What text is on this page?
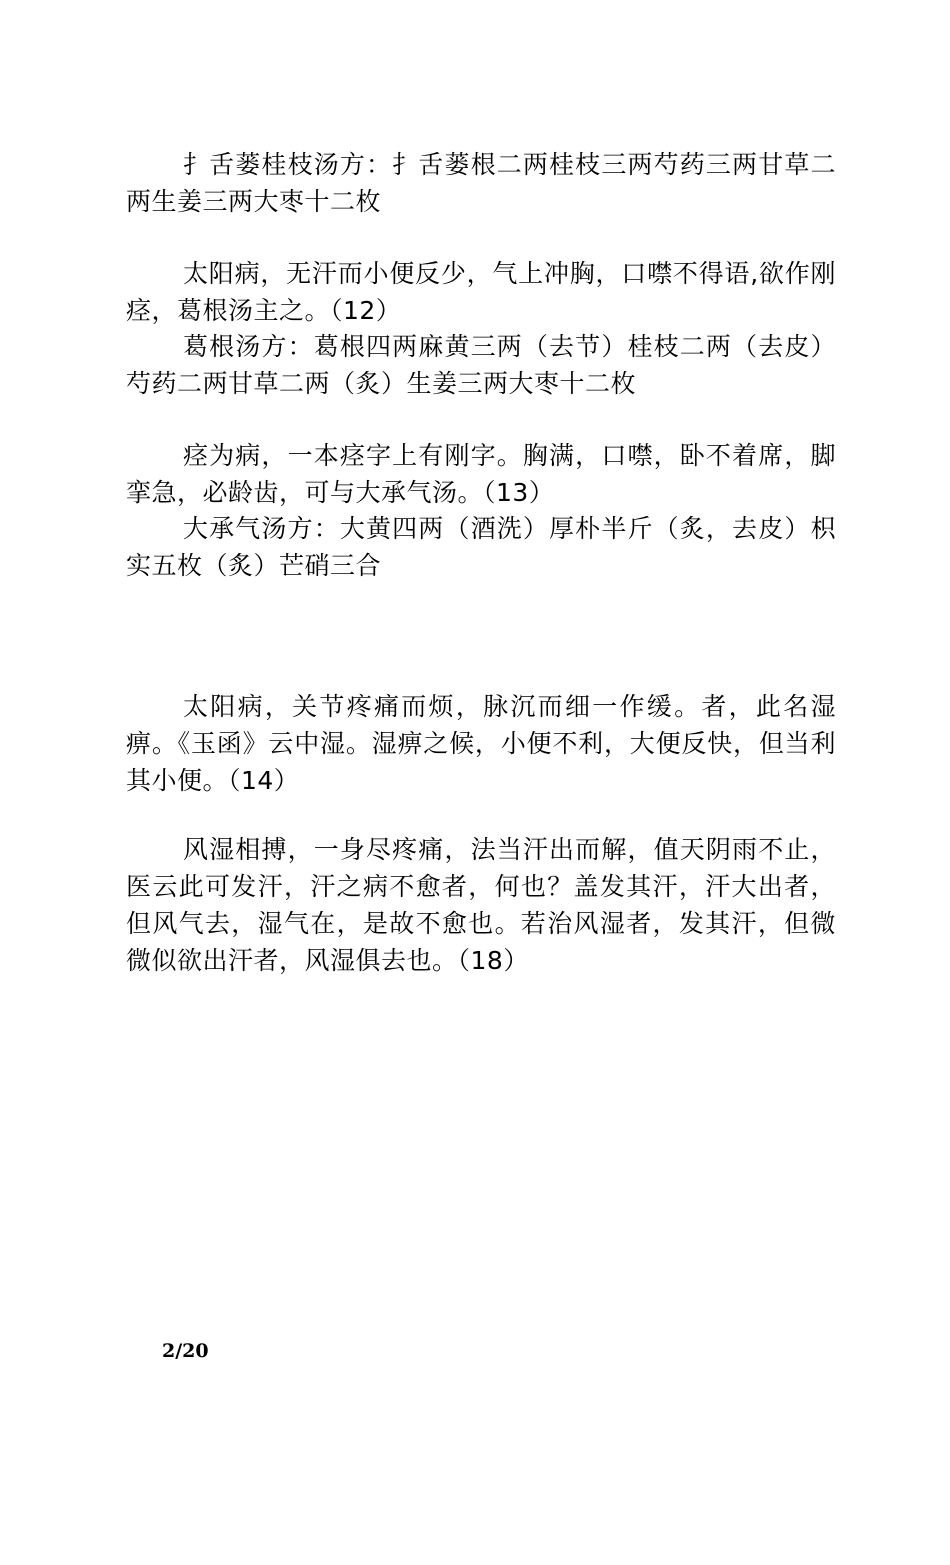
扌舌蒌桂枝汤方：扌舌蒌根二两桂枝三两芍药三两甘草二两生姜三两大枣十二枚

太阳病，无汗而小便反少，气上冲胸，口噤不得语,欲作刚痉，葛根汤主之。（12）

葛根汤方：葛根四两麻黄三两（去节）桂枝二两（去皮）芍药二两甘草二两（炙）生姜三两大枣十二枚

痉为病，一本痉字上有刚字。胸满，口噤，卧不着席，脚挛急，必龄齿，可与大承气汤。（13）

大承气汤方：大黄四两（酒洗）厚朴半斤（炙，去皮）枳实五枚（炙）芒硝三合

太阳病，关节疼痛而烦，脉沉而细一作缓。者，此名湿痹。《玉函》云中湿。湿痹之候，小便不利，大便反快，但当利其小便。（14）

风湿相搏，一身尽疼痛，法当汗出而解，值天阴雨不止，医云此可发汗，汗之病不愈者，何也？盖发其汗，汗大出者，但风气去，湿气在，是故不愈也。若治风湿者，发其汗，但微微似欲出汗者，风湿俱去也。（18）

2/20
